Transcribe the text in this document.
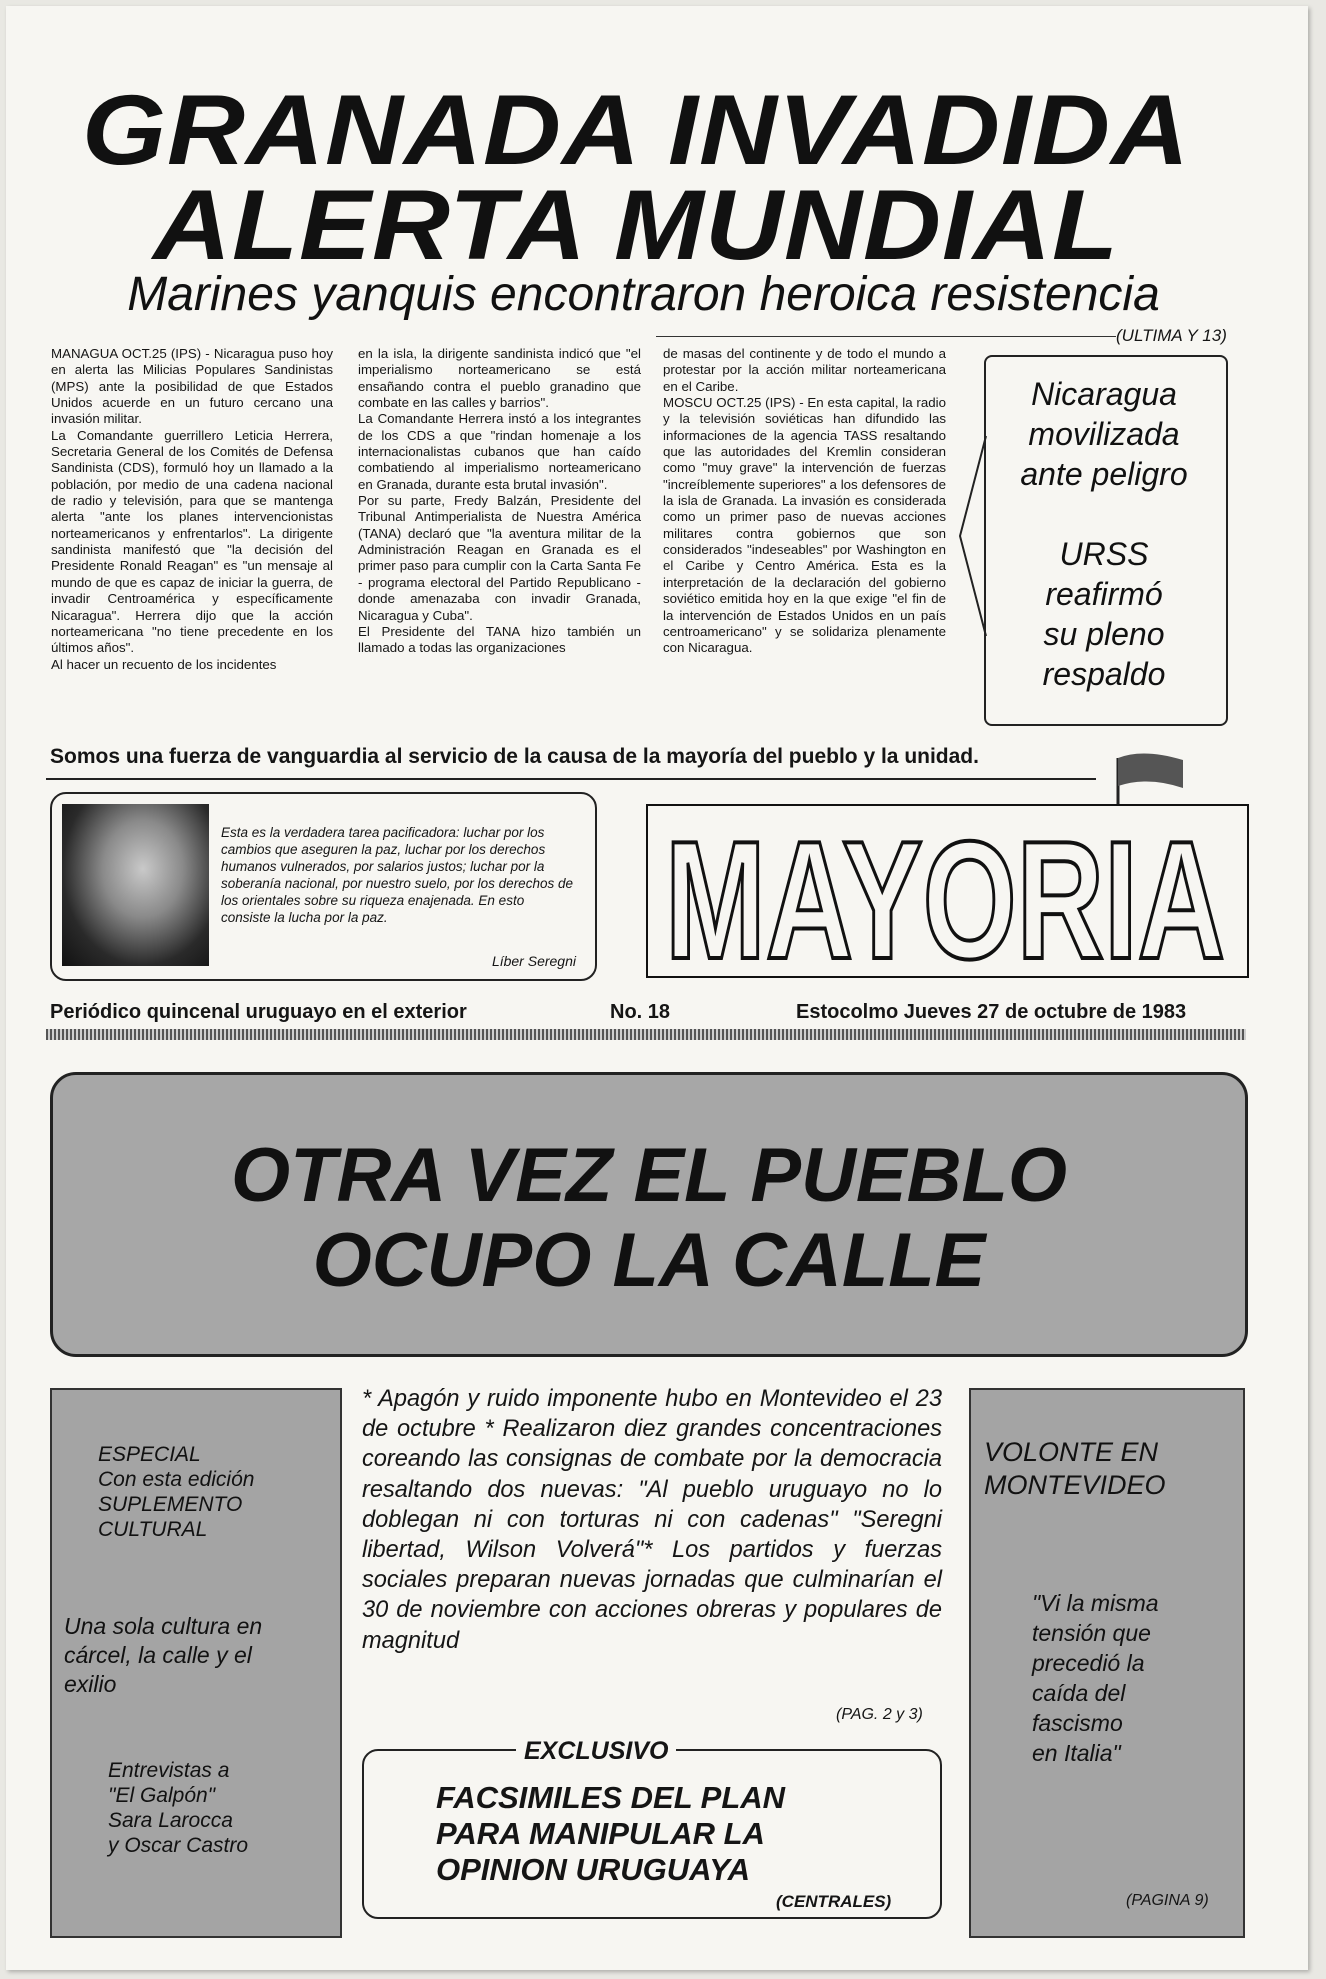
GRANADA INVADIDA
ALERTA MUNDIAL
Marines yanquis encontraron heroica resistencia
(ULTIMA Y 13)

MANAGUA OCT.25 (IPS) - Nicaragua puso hoy en alerta las Milicias Populares Sandinistas (MPS) ante la posibilidad de que Estados Unidos acuerde en un futuro cercano una invasión militar.

La Comandante guerrillero Leticia Herrera, Secretaria General de los Comités de Defensa Sandinista (CDS), formuló hoy un llamado a la población, por medio de una cadena nacional de radio y televisión, para que se mantenga alerta "ante los planes intervencionistas norteamericanos y enfrentarlos". La dirigente sandinista manifestó que "la decisión del Presidente Ronald Reagan" es "un mensaje al mundo de que es capaz de iniciar la guerra, de invadir Centroamérica y específicamente Nicaragua". Herrera dijo que la acción norteamericana "no tiene precedente en los últimos años".

Al hacer un recuento de los incidentes

en la isla, la dirigente sandinista indicó que "el imperialismo norteamericano se está ensañando contra el pueblo granadino que combate en las calles y barrios".

La Comandante Herrera instó a los integrantes de los CDS a que "rindan homenaje a los internacionalistas cubanos que han caído combatiendo al imperialismo norteamericano en Granada, durante esta brutal invasión".

Por su parte, Fredy Balzán, Presidente del Tribunal Antimperialista de Nuestra América (TANA) declaró que "la aventura militar de la Administración Reagan en Granada es el primer paso para cumplir con la Carta Santa Fe - programa electoral del Partido Republicano - donde amenazaba con invadir Granada, Nicaragua y Cuba".

El Presidente del TANA hizo también un llamado a todas las organizaciones

de masas del continente y de todo el mundo a protestar por la acción militar norteamericana en el Caribe.

MOSCU OCT.25 (IPS) - En esta capital, la radio y la televisión soviéticas han difundido las informaciones de la agencia TASS resaltando que las autoridades del Kremlin consideran como "muy grave" la intervención de fuerzas "increíblemente superiores" a los defensores de la isla de Granada. La invasión es considerada como un primer paso de nuevas acciones militares contra gobiernos que son considerados "indeseables" por Washington en el Caribe y Centro América. Esta es la interpretación de la declaración del gobierno soviético emitida hoy en la que exige "el fin de la intervención de Estados Unidos en un país centroamericano" y se solidariza plenamente con Nicaragua.

Nicaragua
movilizada
ante peligro
URSS
reafirmó
su pleno
respaldo
Somos una fuerza de vanguardia al servicio de la causa de la mayoría del pueblo y la unidad.
Esta es la verdadera tarea pacificadora: luchar por los cambios que aseguren la paz, luchar por los derechos humanos vulnerados, por salarios justos; luchar por la soberanía nacional, por nuestro suelo, por los derechos de los orientales sobre su riqueza enajenada. En esto consiste la lucha por la paz.
Líber Seregni MAYORIA
Periódico quincenal uruguayo en el exterior	No. 18	Estocolmo Jueves 27 de octubre de 1983
OTRA VEZ EL PUEBLO
OCUPO LA CALLE
ESPECIAL
Con esta edición
SUPLEMENTO
CULTURAL
Una sola cultura en
cárcel, la calle y el
exilio
Entrevistas a
"El Galpón"
Sara Larocca
y Oscar Castro
* Apagón y ruido imponente hubo en Montevideo el 23 de octubre * Realizaron diez grandes concentraciones coreando las consignas de combate por la democracia resaltando dos nuevas: "Al pueblo uruguayo no lo doblegan ni con torturas ni con cadenas" "Seregni libertad, Wilson Volverá"* Los partidos y fuerzas sociales preparan nuevas jornadas que culminarían el 30 de noviembre con acciones obreras y populares de magnitud
(PAG. 2 y 3)
EXCLUSIVO
FACSIMILES DEL PLAN
PARA MANIPULAR LA
OPINION URUGUAYA
(CENTRALES)
VOLONTE EN
MONTEVIDEO
"Vi la misma
tensión que
precedió la
caída del
fascismo
en Italia"
(PAGINA 9)
